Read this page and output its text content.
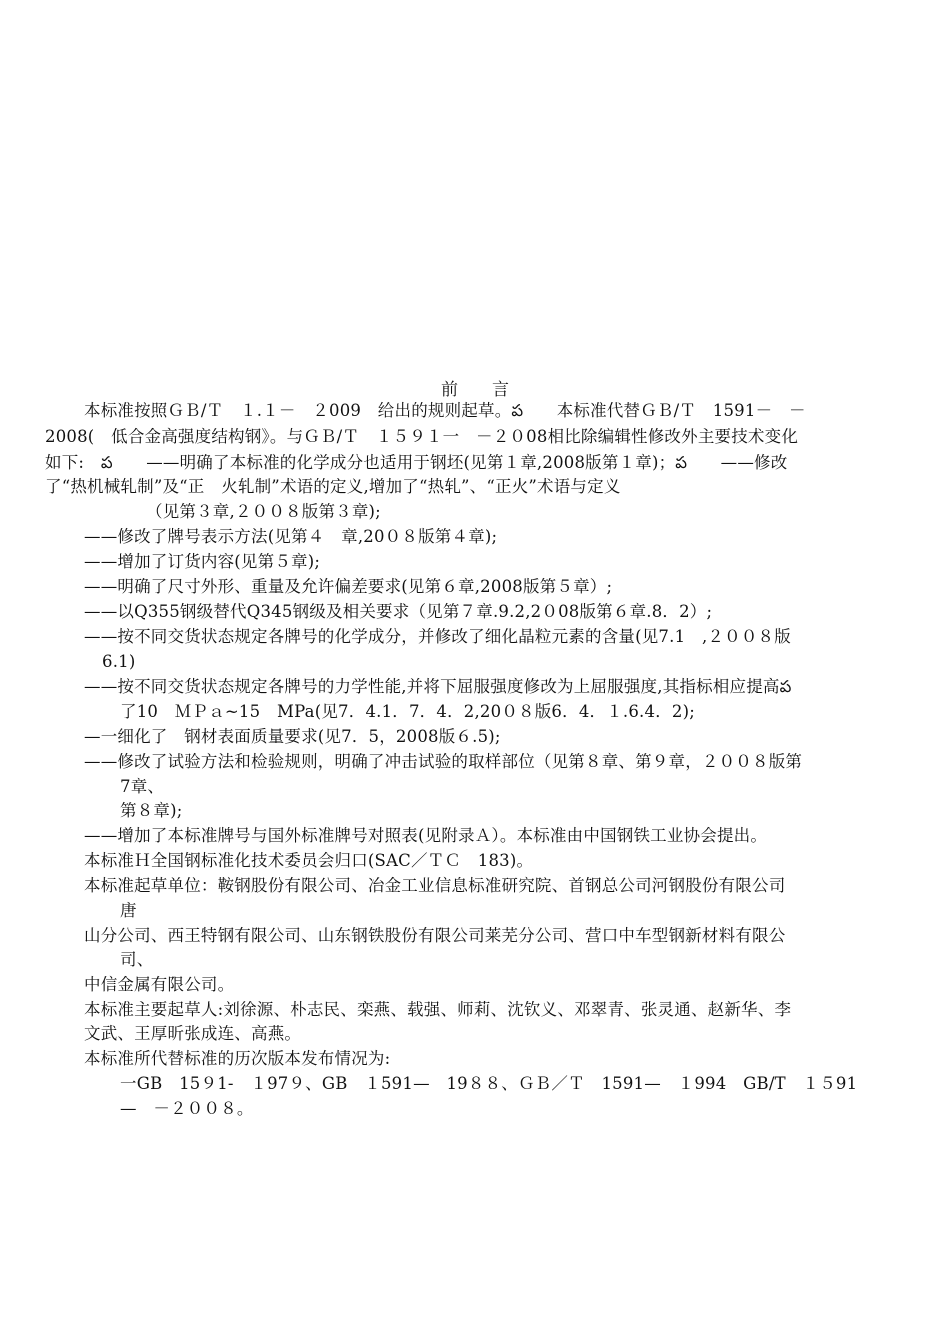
前　　言
本标准按照ＧＢ/Ｔ　１.１－　２009　给出的规则起草。ప　　本标准代替ＧＢ/Ｔ　1591－　－
2008(　低合金高强度结构钢》。与ＧＢ/Ｔ　１５９１一　－２０08相比除编辑性修改外主要技术变化
如下:　ప　　——明确了本标准的化学成分也适用于钢坯(见第１章,2008版第１章)；ప　　——修改
了“热机械轧制”及“正　火轧制”术语的定义,增加了“热轧”、“正火”术语与定义
（见第３章,２００８版第３章);
——修改了牌号表示方法(见第４　章,20０８版第４章);
——增加了订货内容(见第５章);
——明确了尺寸外形、重量及允许偏差要求(见第６章,2008版第５章）;
——以Q355钢级替代Q345钢级及相关要求（见第７章.9.2,2０08版第６章.8．2）;
——按不同交货状态规定各牌号的化学成分，并修改了细化晶粒元素的含量(见7.1　,２００８版
6.1)
——按不同交货状态规定各牌号的力学性能,并将下屈服强度修改为上屈服强度,其指标相应提高ప
了10　ＭＰａ~15　MPa(见7．4.1．7．4．2,20０８版6．4．１.6.4．2);
—一细化了　钢材表面质量要求(见7．5，2008版６.5);
——修改了试验方法和检验规则，明确了冲击试验的取样部位（见第８章、第９章，２００８版第
7章、
第８章);
——增加了本标准牌号与国外标准牌号对照表(见附录Ａ）。本标准由中国钢铁工业协会提出。
本标准Ｈ全国钢标准化技术委员会归口(SAC／ＴＣ　183)。
本标准起草单位：鞍钢股份有限公司、冶金工业信息标准研究院、首钢总公司河钢股份有限公司
唐
山分公司、西王特钢有限公司、山东钢铁股份有限公司莱芜分公司、营口中车型钢新材料有限公
司、
中信金属有限公司。
本标准主要起草人:刘徐源、朴志民、栾燕、载强、师莉、沈钦义、邓翠青、张灵通、赵新华、李
文武、王厚昕张成连、高燕。
本标准所代替标准的历次版本发布情况为:
一GB　15９1-　１97９、GB　１591—　19８８、ＧＢ／Ｔ　1591—　１994　GB/T　１５91
—　－２００８。
